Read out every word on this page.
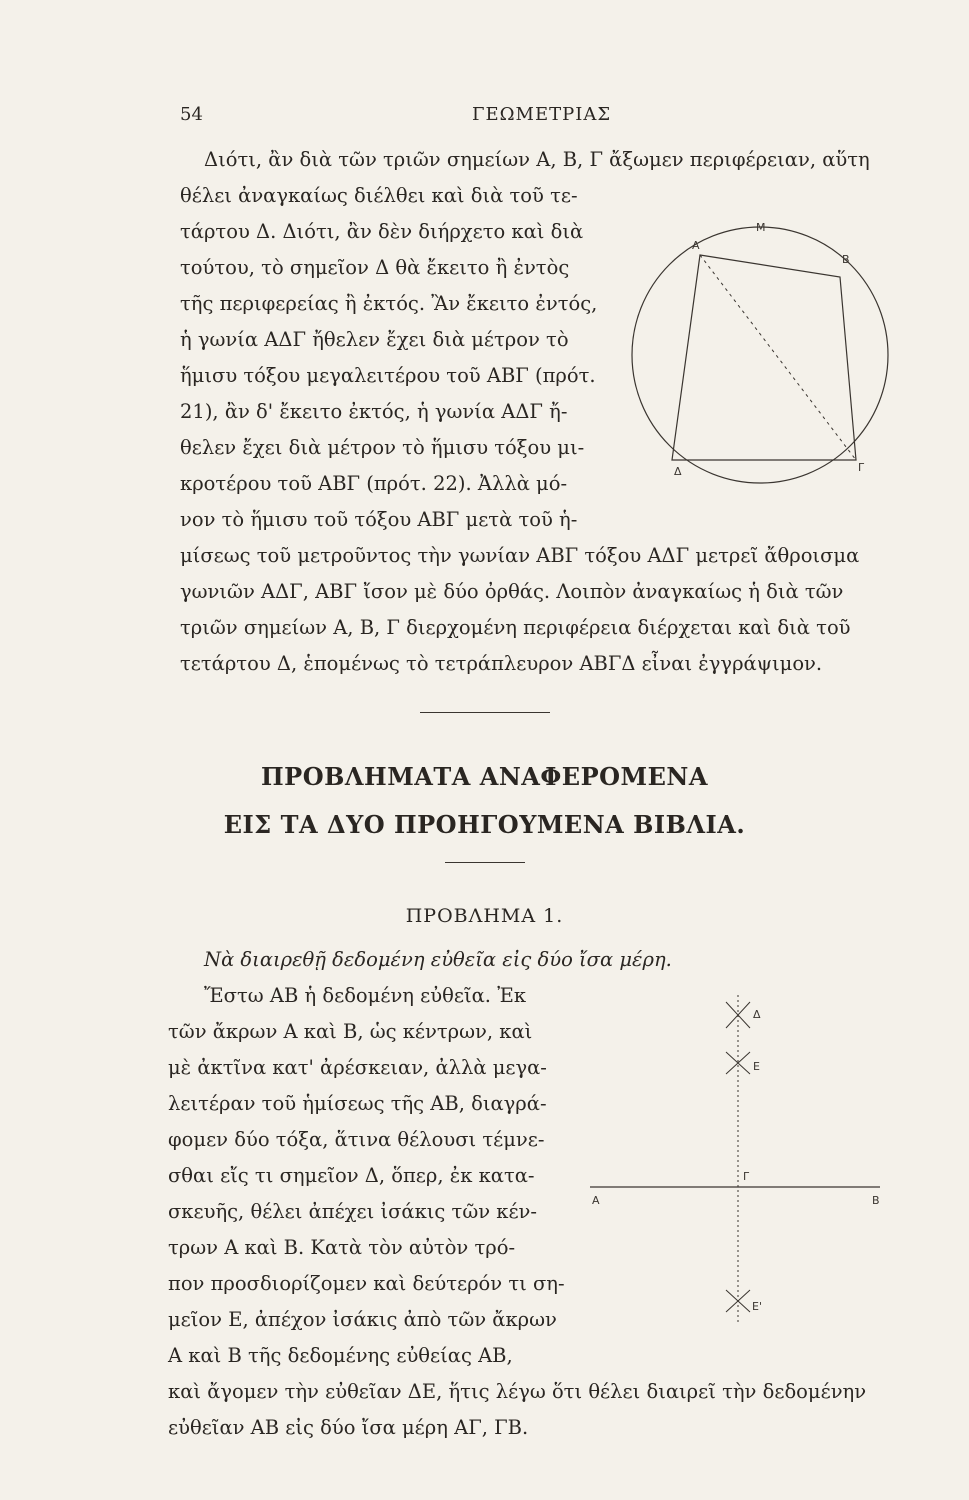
54	ΓΕΩΜΕΤΡΙΑΣ
Διότι, ἂν διὰ τῶν τριῶν σημείων Α, Β, Γ ἄξωμεν περιφέρειαν, αὕτη
θέλει ἀναγκαίως διέλθει καὶ διὰ τοῦ τε-
τάρτου Δ. Διότι, ἂν δὲν διήρχετο καὶ διὰ
τούτου, τὸ σημεῖον Δ θὰ ἔκειτο ἢ ἐντὸς
τῆς περιφερείας ἢ ἐκτός. Ἂν ἔκειτο ἐντός,
ἡ γωνία ΑΔΓ ἤθελεν ἔχει διὰ μέτρον τὸ
ἥμισυ τόξου μεγαλειτέρου τοῦ ΑΒΓ (πρότ.
21), ἂν δ' ἔκειτο ἐκτός, ἡ γωνία ΑΔΓ ἤ-
θελεν ἔχει διὰ μέτρον τὸ ἥμισυ τόξου μι-
κροτέρου τοῦ ΑΒΓ (πρότ. 22). Ἀλλὰ μό-
νον τὸ ἥμισυ τοῦ τόξου ΑΒΓ μετὰ τοῦ ἡ-
μίσεως τοῦ μετροῦντος τὴν γωνίαν ΑΒΓ τόξου ΑΔΓ μετρεῖ ἄθροισμα
γωνιῶν ΑΔΓ, ΑΒΓ ἴσον μὲ δύο ὀρθάς. Λοιπὸν ἀναγκαίως ἡ διὰ τῶν
τριῶν σημείων Α, Β, Γ διερχομένη περιφέρεια διέρχεται καὶ διὰ τοῦ
τετάρτου Δ, ἑπομένως τὸ τετράπλευρον ΑΒΓΔ εἶναι ἐγγράψιμον.
Α
Μ
Β
Δ	Γ
ΠΡΟΒΛΗΜΑΤΑ ΑΝΑΦΕΡΟΜΕΝΑ
ΕΙΣ ΤΑ ΔΥΟ ΠΡΟΗΓΟΥΜΕΝΑ ΒΙΒΛΙΑ.
ΠΡΟΒΛΗΜΑ 1.
Νὰ διαιρεθῇ δεδομένη εὐθεῖα εἰς δύο ἴσα μέρη.
Ἔστω ΑΒ ἡ δεδομένη εὐθεῖα. Ἐκ
τῶν ἄκρων Α καὶ Β, ὡς κέντρων, καὶ
μὲ ἀκτῖνα κατ' ἀρέσκειαν, ἀλλὰ μεγα-
λειτέραν τοῦ ἡμίσεως τῆς ΑΒ, διαγρά-
φομεν δύο τόξα, ἅτινα θέλουσι τέμνε-
σθαι εἴς τι σημεῖον Δ, ὅπερ, ἐκ κατα-
σκευῆς, θέλει ἀπέχει ἰσάκις τῶν κέν-
τρων Α καὶ Β. Κατὰ τὸν αὐτὸν τρό-
πον προσδιορίζομεν καὶ δεύτερόν τι ση-
μεῖον Ε, ἀπέχον ἰσάκις ἀπὸ τῶν ἄκρων
Α καὶ Β τῆς δεδομένης εὐθείας ΑΒ,
καὶ ἄγομεν τὴν εὐθεῖαν ΔΕ, ἥτις λέγω ὅτι θέλει διαιρεῖ τὴν δεδομένην
εὐθεῖαν ΑΒ εἰς δύο ἴσα μέρη ΑΓ, ΓΒ.
Δ
Ε
Γ
Α	Β
Ε'
